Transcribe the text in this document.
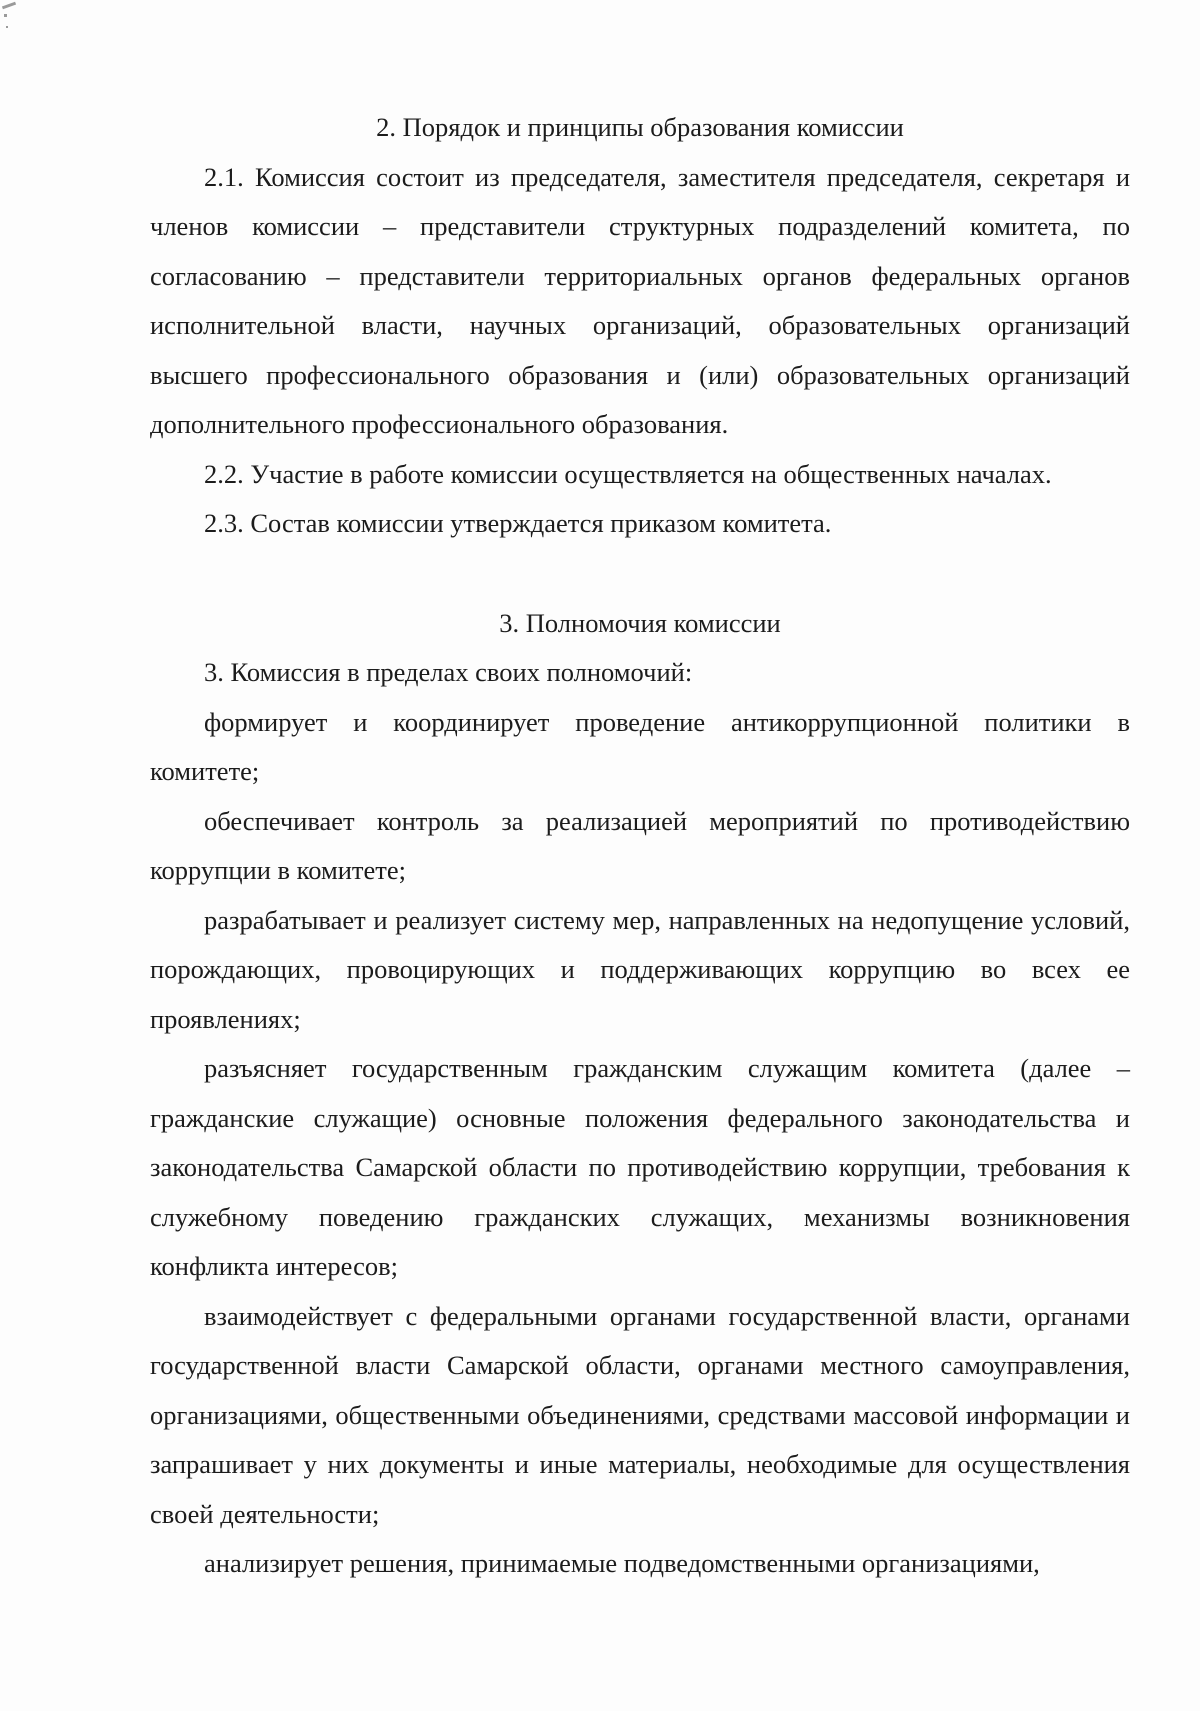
2. Порядок и принципы образования комиссии

2.1. Комиссия состоит из председателя, заместителя председателя, секретаря и членов комиссии – представители структурных подразделений комитета, по согласованию – представители территориальных органов федеральных органов исполнительной власти, научных организаций, образовательных организаций высшего профессионального образования и (или) образовательных организаций дополнительного профессионального образования.

2.2. Участие в работе комиссии осуществляется на общественных началах.

2.3. Состав комиссии утверждается приказом комитета.

3. Полномочия комиссии

3. Комиссия в пределах своих полномочий:

формирует и координирует проведение антикоррупционной политики в комитете;

обеспечивает контроль за реализацией мероприятий по противодействию коррупции в комитете;

разрабатывает и реализует систему мер, направленных на недопущение условий, порождающих, провоцирующих и поддерживающих коррупцию во всех ее проявлениях;

разъясняет государственным гражданским служащим комитета (далее – гражданские служащие) основные положения федерального законодательства и законодательства Самарской области по противодействию коррупции, требования к служебному поведению гражданских служащих, механизмы возникновения конфликта интересов;

взаимодействует с федеральными органами государственной власти, органами государственной власти Самарской области, органами местного самоуправления, организациями, общественными объединениями, средствами массовой информации и запрашивает у них документы и иные материалы, необходимые для осуществления своей деятельности;

анализирует решения, принимаемые подведомственными организациями,
